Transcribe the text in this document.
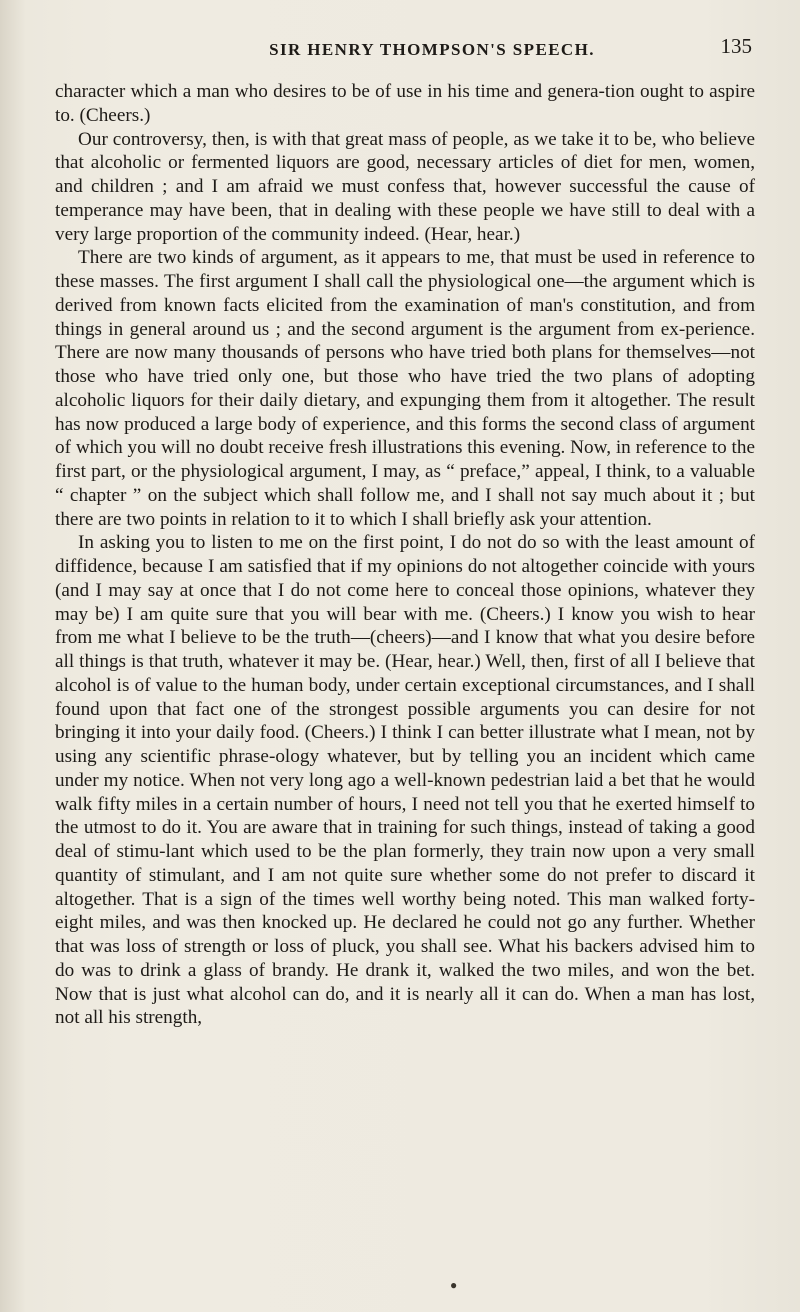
SIR HENRY THOMPSON'S SPEECH.	135

character which a man who desires to be of use in his time and genera-tion ought to aspire to. (Cheers.)

Our controversy, then, is with that great mass of people, as we take it to be, who believe that alcoholic or fermented liquors are good, necessary articles of diet for men, women, and children ; and I am afraid we must confess that, however successful the cause of temperance may have been, that in dealing with these people we have still to deal with a very large proportion of the community indeed. (Hear, hear.)

There are two kinds of argument, as it appears to me, that must be used in reference to these masses. The first argument I shall call the physiological one—the argument which is derived from known facts elicited from the examination of man's constitution, and from things in general around us ; and the second argument is the argument from ex-perience. There are now many thousands of persons who have tried both plans for themselves—not those who have tried only one, but those who have tried the two plans of adopting alcoholic liquors for their daily dietary, and expunging them from it altogether. The result has now produced a large body of experience, and this forms the second class of argument of which you will no doubt receive fresh illustrations this evening. Now, in reference to the first part, or the physiological argument, I may, as “ preface,” appeal, I think, to a valuable “ chapter ” on the subject which shall follow me, and I shall not say much about it ; but there are two points in relation to it to which I shall briefly ask your attention.

In asking you to listen to me on the first point, I do not do so with the least amount of diffidence, because I am satisfied that if my opinions do not altogether coincide with yours (and I may say at once that I do not come here to conceal those opinions, whatever they may be) I am quite sure that you will bear with me. (Cheers.) I know you wish to hear from me what I believe to be the truth—(cheers)—and I know that what you desire before all things is that truth, whatever it may be. (Hear, hear.) Well, then, first of all I believe that alcohol is of value to the human body, under certain exceptional circumstances, and I shall found upon that fact one of the strongest possible arguments you can desire for not bringing it into your daily food. (Cheers.) I think I can better illustrate what I mean, not by using any scientific phrase-ology whatever, but by telling you an incident which came under my notice. When not very long ago a well-known pedestrian laid a bet that he would walk fifty miles in a certain number of hours, I need not tell you that he exerted himself to the utmost to do it. You are aware that in training for such things, instead of taking a good deal of stimu-lant which used to be the plan formerly, they train now upon a very small quantity of stimulant, and I am not quite sure whether some do not prefer to discard it altogether. That is a sign of the times well worthy being noted. This man walked forty-eight miles, and was then knocked up. He declared he could not go any further. Whether that was loss of strength or loss of pluck, you shall see. What his backers advised him to do was to drink a glass of brandy. He drank it, walked the two miles, and won the bet. Now that is just what alcohol can do, and it is nearly all it can do. When a man has lost, not all his strength,

●
